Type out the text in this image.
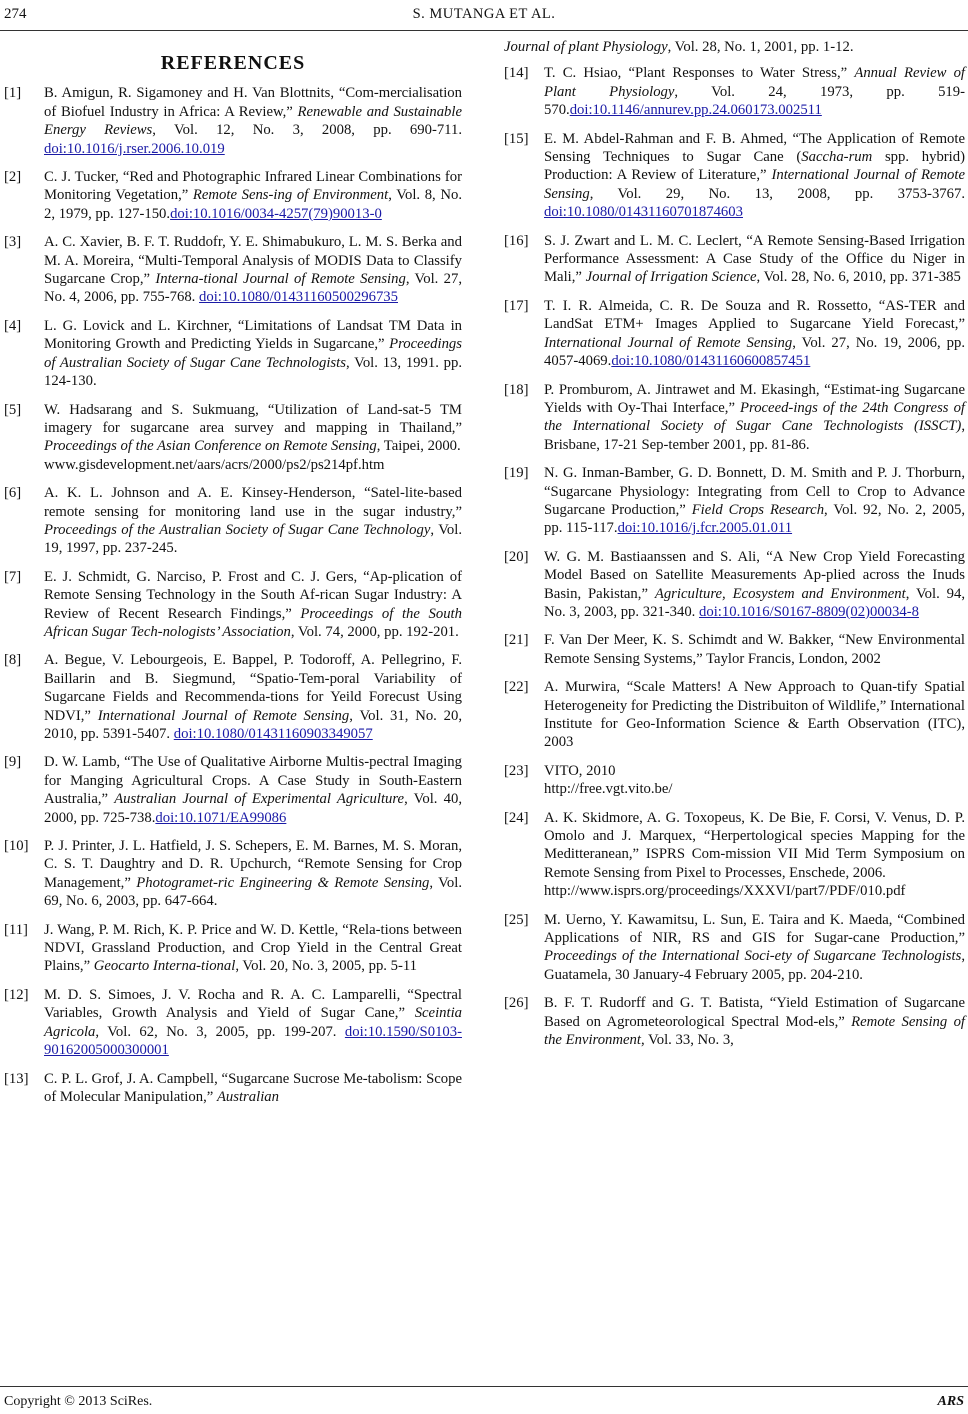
274	S. MUTANGA ET AL.
REFERENCES
[1] B. Amigun, R. Sigamoney and H. Van Blottnits, “Com-mercialisation of Biofuel Industry in Africa: A Review,” Renewable and Sustainable Energy Reviews, Vol. 12, No. 3, 2008, pp. 690-711. doi:10.1016/j.rser.2006.10.019
[2] C. J. Tucker, “Red and Photographic Infrared Linear Combinations for Monitoring Vegetation,” Remote Sens-ing of Environment, Vol. 8, No. 2, 1979, pp. 127-150.doi:10.1016/0034-4257(79)90013-0
[3] A. C. Xavier, B. F. T. Ruddofr, Y. E. Shimabukuro, L. M. S. Berka and M. A. Moreira, “Multi-Temporal Analysis of MODIS Data to Classify Sugarcane Crop,” Interna-tional Journal of Remote Sensing, Vol. 27, No. 4, 2006, pp. 755-768. doi:10.1080/01431160500296735
[4] L. G. Lovick and L. Kirchner, “Limitations of Landsat TM Data in Monitoring Growth and Predicting Yields in Sugarcane,” Proceedings of Australian Society of Sugar Cane Technologists, Vol. 13, 1991. pp. 124-130.
[5] W. Hadsarang and S. Sukmuang, “Utilization of Land-sat-5 TM imagery for sugarcane area survey and mapping in Thailand,” Proceedings of the Asian Conference on Remote Sensing, Taipei, 2000.
www.gisdevelopment.net/aars/acrs/2000/ps2/ps214pf.htm
[6] A. K. L. Johnson and A. E. Kinsey-Henderson, “Satel-lite-based remote sensing for monitoring land use in the sugar industry,” Proceedings of the Australian Society of Sugar Cane Technology, Vol. 19, 1997, pp. 237-245.
[7] E. J. Schmidt, G. Narciso, P. Frost and C. J. Gers, “Ap-plication of Remote Sensing Technology in the South Af-rican Sugar Industry: A Review of Recent Research Findings,” Proceedings of the South African Sugar Tech-nologists’ Association, Vol. 74, 2000, pp. 192-201.
[8] A. Begue, V. Lebourgeois, E. Bappel, P. Todoroff, A. Pellegrino, F. Baillarin and B. Siegmund, “Spatio-Tem-poral Variability of Sugarcane Fields and Recommenda-tions for Yeild Forecust Using NDVI,” International Journal of Remote Sensing, Vol. 31, No. 20, 2010, pp. 5391-5407. doi:10.1080/01431160903349057
[9] D. W. Lamb, “The Use of Qualitative Airborne Multis-pectral Imaging for Manging Agricultural Crops. A Case Study in South-Eastern Australia,” Australian Journal of Experimental Agriculture, Vol. 40, 2000, pp. 725-738.doi:10.1071/EA99086
[10] P. J. Printer, J. L. Hatfield, J. S. Schepers, E. M. Barnes, M. S. Moran, C. S. T. Daughtry and D. R. Upchurch, “Remote Sensing for Crop Management,” Photogramet-ric Engineering & Remote Sensing, Vol. 69, No. 6, 2003, pp. 647-664.
[11] J. Wang, P. M. Rich, K. P. Price and W. D. Kettle, “Rela-tions between NDVI, Grassland Production, and Crop Yield in the Central Great Plains,” Geocarto Interna-tional, Vol. 20, No. 3, 2005, pp. 5-11
[12] M. D. S. Simoes, J. V. Rocha and R. A. C. Lamparelli, “Spectral Variables, Growth Analysis and Yield of Sugar Cane,” Sceintia Agricola, Vol. 62, No. 3, 2005, pp. 199-207. doi:10.1590/S0103-90162005000300001
[13] C. P. L. Grof, J. A. Campbell, “Sugarcane Sucrose Me-tabolism: Scope of Molecular Manipulation,” Australian
Journal of plant Physiology, Vol. 28, No. 1, 2001, pp. 1-12.
[14] T. C. Hsiao, “Plant Responses to Water Stress,” Annual Review of Plant Physiology, Vol. 24, 1973, pp. 519-570.doi:10.1146/annurev.pp.24.060173.002511
[15] E. M. Abdel-Rahman and F. B. Ahmed, “The Application of Remote Sensing Techniques to Sugar Cane (Saccha-rum spp. hybrid) Production: A Review of Literature,” International Journal of Remote Sensing, Vol. 29, No. 13, 2008, pp. 3753-3767. doi:10.1080/01431160701874603
[16] S. J. Zwart and L. M. C. Leclert, “A Remote Sensing-Based Irrigation Performance Assessment: A Case Study of the Office du Niger in Mali,” Journal of Irrigation Science, Vol. 28, No. 6, 2010, pp. 371-385
[17] T. I. R. Almeida, C. R. De Souza and R. Rossetto, “AS-TER and LandSat ETM+ Images Applied to Sugarcane Yield Forecast,” International Journal of Remote Sensing, Vol. 27, No. 19, 2006, pp. 4057-4069.doi:10.1080/01431160600857451
[18] P. Promburom, A. Jintrawet and M. Ekasingh, “Estimat-ing Sugarcane Yields with Oy-Thai Interface,” Proceed-ings of the 24th Congress of the International Society of Sugar Cane Technologists (ISSCT), Brisbane, 17-21 Sep-tember 2001, pp. 81-86.
[19] N. G. Inman-Bamber, G. D. Bonnett, D. M. Smith and P. J. Thorburn, “Sugarcane Physiology: Integrating from Cell to Crop to Advance Sugarcane Production,” Field Crops Research, Vol. 92, No. 2, 2005, pp. 115-117.doi:10.1016/j.fcr.2005.01.011
[20] W. G. M. Bastiaanssen and S. Ali, “A New Crop Yield Forecasting Model Based on Satellite Measurements Ap-plied across the Inuds Basin, Pakistan,” Agriculture, Ecosystem and Environment, Vol. 94, No. 3, 2003, pp. 321-340. doi:10.1016/S0167-8809(02)00034-8
[21] F. Van Der Meer, K. S. Schimdt and W. Bakker, “New Environmental Remote Sensing Systems,” Taylor Francis, London, 2002
[22] A. Murwira, “Scale Matters! A New Approach to Quan-tify Spatial Heterogeneity for Predicting the Distribuiton of Wildlife,” International Institute for Geo-Information Science & Earth Observation (ITC), 2003
[23] VITO, 2010
http://free.vgt.vito.be/
[24] A. K. Skidmore, A. G. Toxopeus, K. De Bie, F. Corsi, V. Venus, D. P. Omolo and J. Marquex, “Herpertological species Mapping for the Meditteranean,” ISPRS Com-mission VII Mid Term Symposium on Remote Sensing from Pixel to Processes, Enschede, 2006.
http://www.isprs.org/proceedings/XXXVI/part7/PDF/010.pdf
[25] M. Uerno, Y. Kawamitsu, L. Sun, E. Taira and K. Maeda, “Combined Applications of NIR, RS and GIS for Sugar-cane Production,” Proceedings of the International Soci-ety of Sugarcane Technologists, Guatamela, 30 January-4 February 2005, pp. 204-210.
[26] B. F. T. Rudorff and G. T. Batista, “Yield Estimation of Sugarcane Based on Agrometeorological Spectral Mod-els,” Remote Sensing of the Environment, Vol. 33, No. 3,
Copyright © 2013 SciRes.	ARS
